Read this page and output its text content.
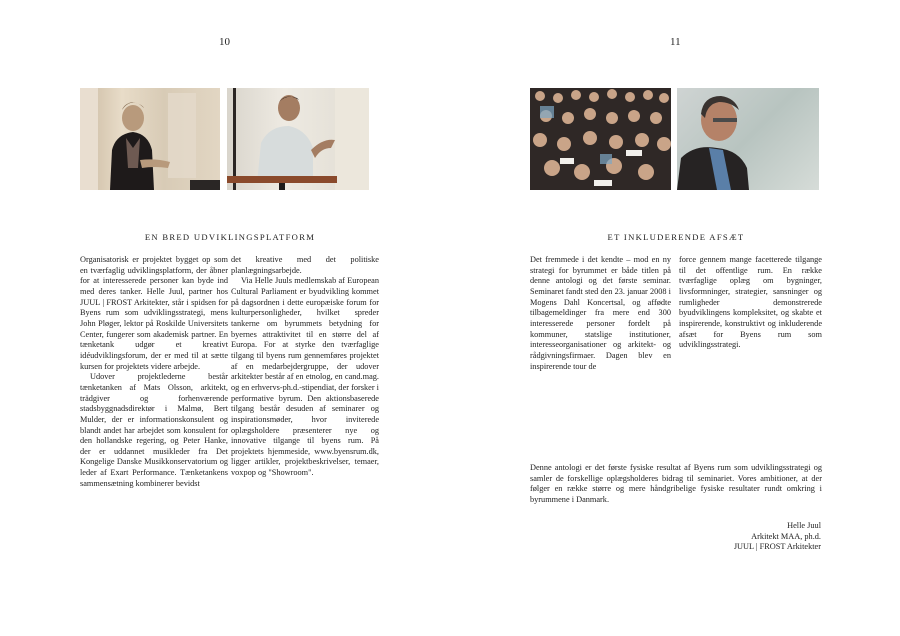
10
EN BRED UDVIKLINGSPLATFORM

Organisatorisk er projektet bygget op som en tværfaglig udviklingsplatform, der åbner for at interesserede personer kan byde ind med deres tanker. Helle Juul, partner hos JUUL | FROST Arkitekter, står i spidsen for Byens rum som udviklingsstrategi, mens John Pløger, lektor på Roskilde Universitets Center, fungerer som akademisk partner. En tænketank udgør et kreativt idéudviklingsforum, der er med til at sætte kursen for projektets videre arbejde.

Udover projektlederne består tænketanken af Mats Olsson, arkitekt, trädgiver og forhenværende stadsbyggnadsdirektør i Malmø, Bert Mulder, der er informationskonsulent og blandt andet har arbejdet som konsulent for den hollandske regering, og Peter Hanke, der er uddannet musikleder fra Det Kongelige Danske Musikkonservatorium og leder af Exart Performance. Tænketankens sammensætning kombinerer bevidst

det kreative med det politiske planlægningsarbejde.

Via Helle Juuls medlemskab af European Cultural Parliament er byudvikling kommet på dagsordnen i dette europæiske forum for kulturpersonligheder, hvilket spreder tankerne om byrummets betydning for byernes attraktivitet til en større del af Europa. For at styrke den tværfaglige tilgang til byens rum gennemføres projektet af en medarbejdergruppe, der udover arkitekter består af en etnolog, en cand.mag. og en erhvervs-ph.d.-stipendiat, der forsker i performative byrum. Den aktionsbaserede tilgang består desuden af seminarer og inspirationsmøder, hvor inviterede oplægsholdere præsenterer nye og innovative tilgange til byens rum. På projektets hjemmeside, www.byensrum.dk, ligger artikler, projektbeskrivelser, temaer, voxpop og "Showroom".

11
ET INKLUDERENDE AFSÆT

Det fremmede i det kendte – mod en ny strategi for byrummet er både titlen på denne antologi og det første seminar. Seminaret fandt sted den 23. januar 2008 i Mogens Dahl Koncertsal, og affødte tilbagemeldinger fra mere end 300 interesserede personer fordelt på kommuner, statslige institutioner, interesseorganisationer og arkitekt- og rådgivningsfirmaer. Dagen blev en inspirerende tour de

force gennem mange facetterede tilgange til det offentlige rum. En række tværfaglige oplæg om bygninger, livsformninger, strategier, sansninger og rumligheder demonstrerede byudviklingens kompleksitet, og skabte et inspirerende, konstruktivt og inkluderende afsæt for Byens rum som udviklingsstrategi.

Denne antologi er det første fysiske resultat af Byens rum som udviklingsstrategi og samler de forskellige oplægsholderes bidrag til seminariet. Vores ambitioner, at der følger en række større og mere håndgribelige fysiske resultater rundt omkring i byrummene i Danmark.
Helle Juul
Arkitekt MAA, ph.d.
JUUL | FROST Arkitekter
